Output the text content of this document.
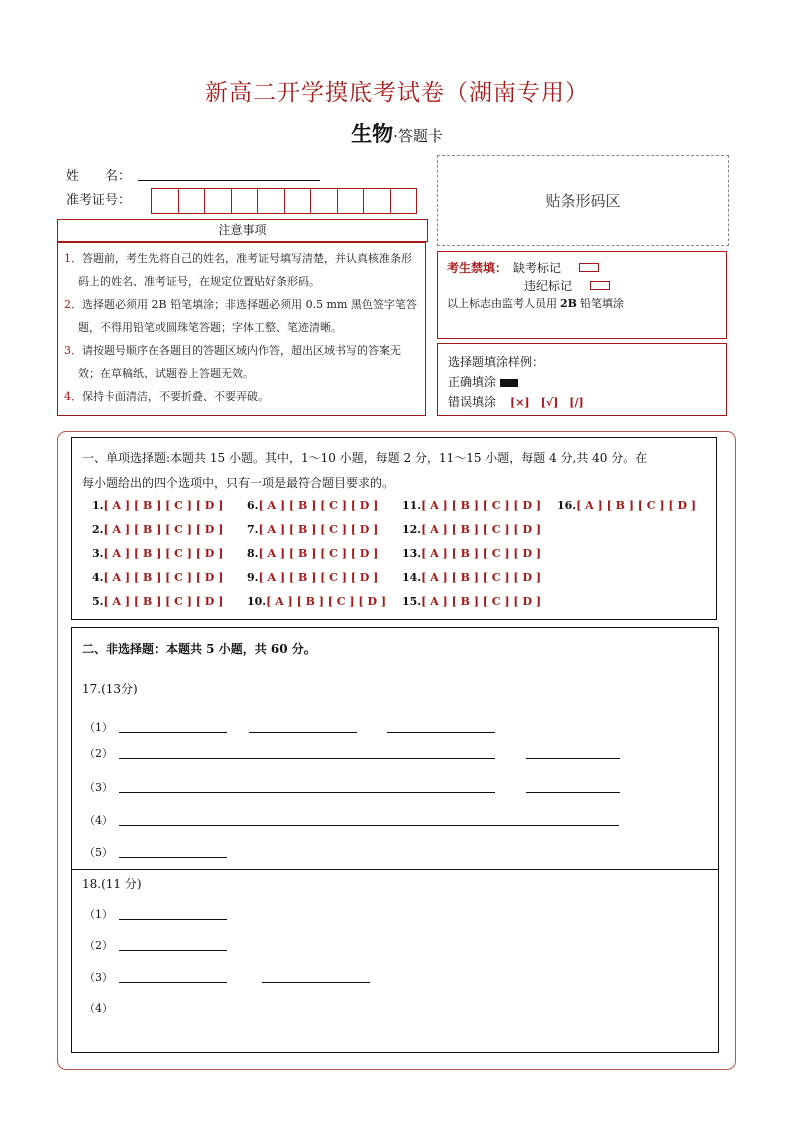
新高二开学摸底考试卷（湖南专用）
生物·答题卡
姓　　名：
准考证号：	贴条形码区
注意事项

1．答题前，考生先将自己的姓名，准考证号填写清楚，并认真核准条形码上的姓名、准考证号，在规定位置贴好条形码。

2．选择题必须用 2B 铅笔填涂；非选择题必须用 0.5 mm 黑色签字笔答题，不得用铅笔或圆珠笔答题；字体工整、笔迹清晰。

3．请按题号顺序在各题目的答题区域内作答，超出区域书写的答案无效；在草稿纸、试题卷上答题无效。

4．保持卡面清洁，不要折叠、不要弄破。

考生禁填： 缺考标记
违纪标记
以上标志由监考人员用 2B 铅笔填涂
选择题填涂样例：
正确填涂
错误填涂 [×]　[√]　[/]
一、单项选择题:本题共 15 小题。其中，1～10 小题，每题 2 分，11～15 小题，每题 4 分,共 40 分。在
每小题给出的四个选项中，只有一项是最符合题目要求的。
1.[ A ] [ B ] [ C ] [ D ]	6.[ A ] [ B ] [ C ] [ D ]	11.[ A ] [ B ] [ C ] [ D ]	16.[ A ] [ B ] [ C ] [ D ]
2.[ A ] [ B ] [ C ] [ D ]	7.[ A ] [ B ] [ C ] [ D ]	12.[ A ] [ B ] [ C ] [ D ]
3.[ A ] [ B ] [ C ] [ D ]	8.[ A ] [ B ] [ C ] [ D ]	13.[ A ] [ B ] [ C ] [ D ]
4.[ A ] [ B ] [ C ] [ D ]	9.[ A ] [ B ] [ C ] [ D ]	14.[ A ] [ B ] [ C ] [ D ]
5.[ A ] [ B ] [ C ] [ D ]	10.[ A ] [ B ] [ C ] [ D ]	15.[ A ] [ B ] [ C ] [ D ]
二、非选择题：本题共 5 小题，共 60 分。
17.(13分)
（1）
（2）
（3）
（4）
（5）
18.(11 分)
（1）
（2）
（3）
（4）
